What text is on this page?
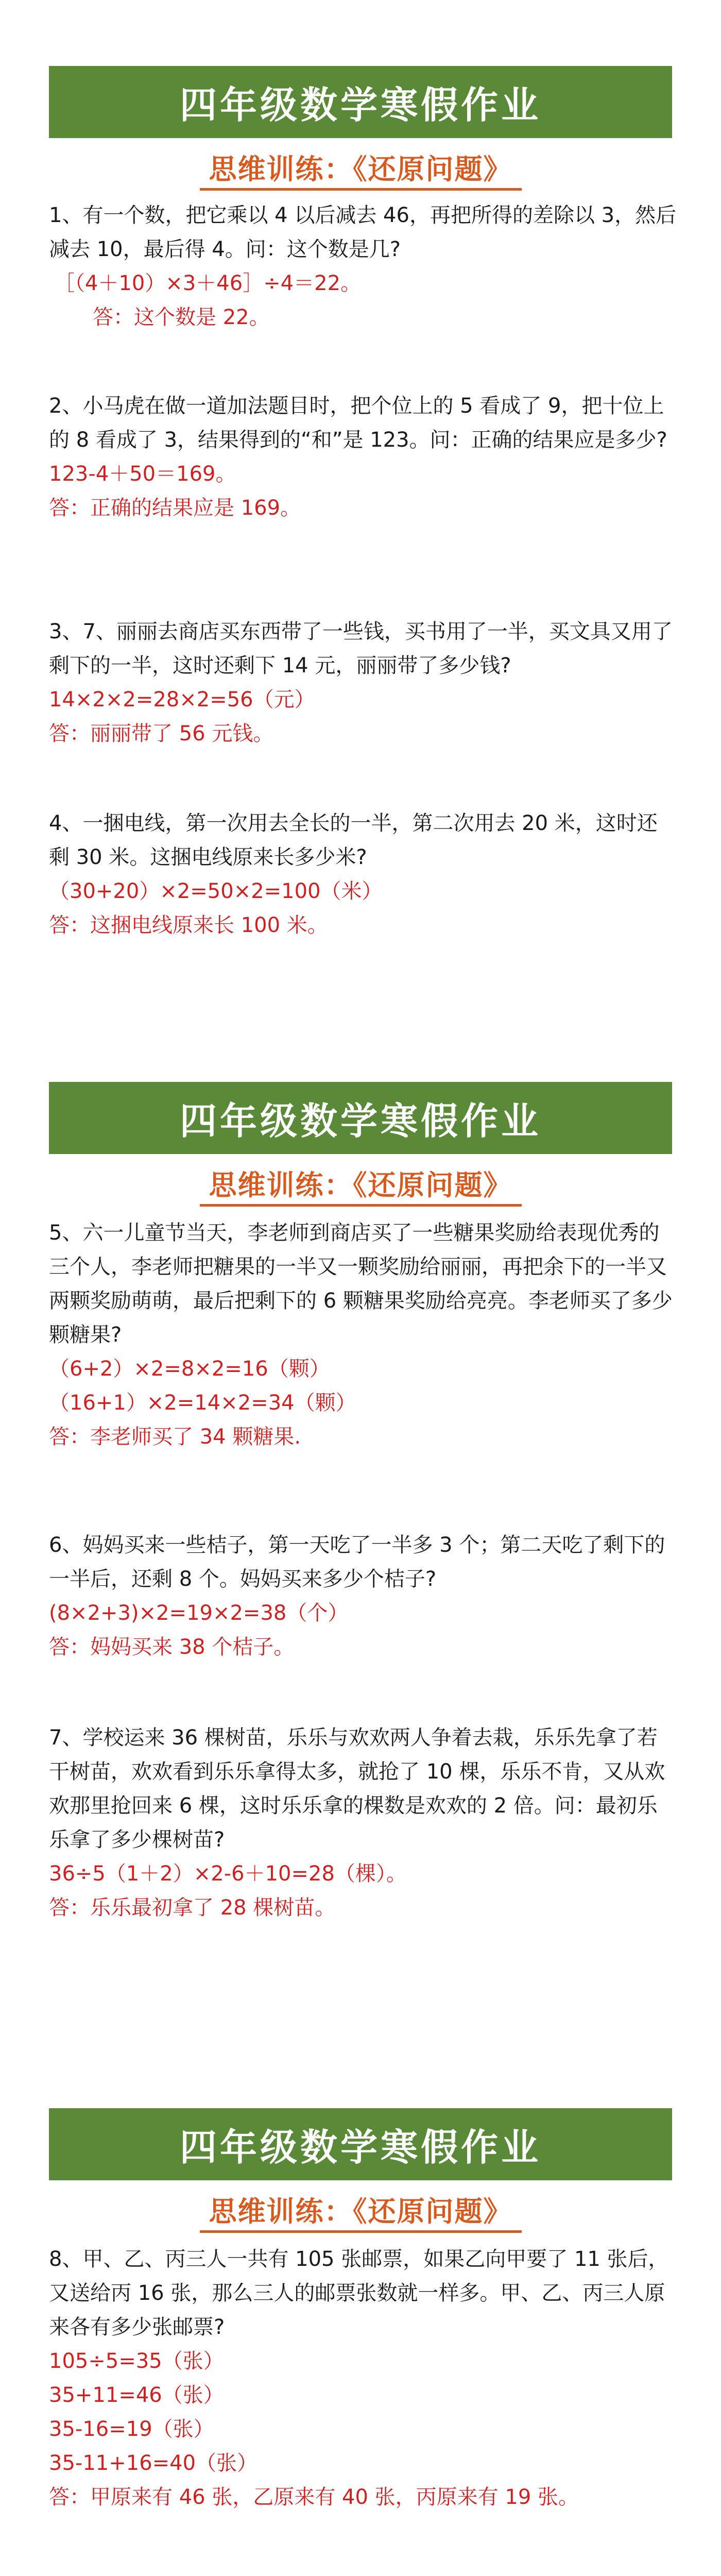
四年级数学寒假作业
思维训练：《还原问题》

1、有一个数，把它乘以 4 以后减去 46，再把所得的差除以 3，然后减去 10，最后得 4。问：这个数是几?

［（4＋10）×3＋46］÷4＝22。

答：这个数是 22。

2、小马虎在做一道加法题目时，把个位上的 5 看成了 9，把十位上的 8 看成了 3，结果得到的“和”是 123。问：正确的结果应是多少?

123-4＋50＝169。

答：正确的结果应是 169。

3、7、丽丽去商店买东西带了一些钱，买书用了一半，买文具又用了剩下的一半，这时还剩下 14 元，丽丽带了多少钱?

14×2×2=28×2=56（元）

答：丽丽带了 56 元钱。

4、一捆电线，第一次用去全长的一半，第二次用去 20 米，这时还剩 30 米。这捆电线原来长多少米?

（30+20）×2=50×2=100（米）

答：这捆电线原来长 100 米。

四年级数学寒假作业
思维训练：《还原问题》

5、六一儿童节当天，李老师到商店买了一些糖果奖励给表现优秀的三个人，李老师把糖果的一半又一颗奖励给丽丽，再把余下的一半又两颗奖励萌萌，最后把剩下的 6 颗糖果奖励给亮亮。李老师买了多少颗糖果?

（6+2）×2=8×2=16（颗）

（16+1）×2=14×2=34（颗）

答：李老师买了 34 颗糖果.

6、妈妈买来一些桔子，第一天吃了一半多 3 个；第二天吃了剩下的一半后，还剩 8 个。妈妈买来多少个桔子?

(8×2+3)×2=19×2=38（个）

答：妈妈买来 38 个桔子。

7、学校运来 36 棵树苗，乐乐与欢欢两人争着去栽，乐乐先拿了若干树苗，欢欢看到乐乐拿得太多，就抢了 10 棵，乐乐不肯，又从欢欢那里抢回来 6 棵，这时乐乐拿的棵数是欢欢的 2 倍。问：最初乐乐拿了多少棵树苗?

36÷5（1＋2）×2-6＋10=28（棵）。

答：乐乐最初拿了 28 棵树苗。

四年级数学寒假作业
思维训练：《还原问题》

8、甲、乙、丙三人一共有 105 张邮票，如果乙向甲要了 11 张后，又送给丙 16 张，那么三人的邮票张数就一样多。甲、乙、丙三人原来各有多少张邮票?

105÷5=35（张）

35+11=46（张）

35-16=19（张）

35-11+16=40（张）

答：甲原来有 46 张，乙原来有 40 张，丙原来有 19 张。
